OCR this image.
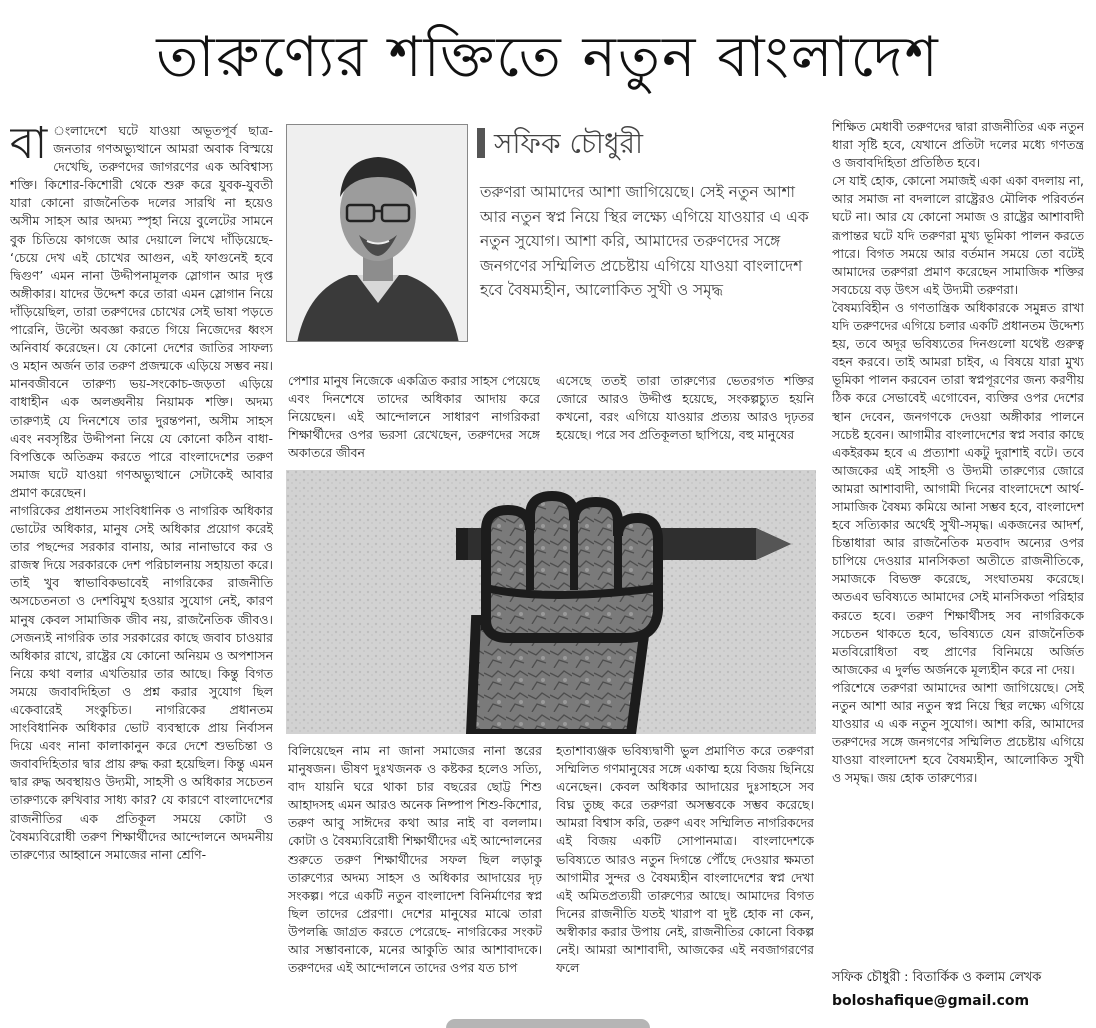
তারুণ্যের শক্তিতে নতুন বাংলাদেশ

বা ংলাদেশে ঘটে যাওয়া অভূতপূর্ব ছাত্র-জনতার গণঅভ্যুত্থানে আমরা অবাক বিস্ময়ে দেখেছি, তরুণদের জাগরণের এক অবিশ্বাস্য শক্তি। কিশোর-কিশোরী থেকে শুরু করে যুবক-যুবতী যারা কোনো রাজনৈতিক দলের সারথি না হয়েও অসীম সাহস আর অদম্য স্পৃহা নিয়ে বুলেটের সামনে বুক চিতিয়ে কাগজে আর দেয়ালে লিখে দাঁড়িয়েছে- ‘চেয়ে দেখ এই চোখের আগুন, এই ফাগুনেই হবে দ্বিগুণ’ এমন নানা উদ্দীপনামূলক স্লোগান আর দৃপ্ত অঙ্গীকার। যাদের উদ্দেশ করে তারা এমন স্লোগান নিয়ে দাঁড়িয়েছিল, তারা তরুণদের চোখের সেই ভাষা পড়তে পারেনি, উল্টো অবজ্ঞা করতে গিয়ে নিজেদের ধ্বংস অনিবার্য করেছেন। যে কোনো দেশের জাতির সাফল্য ও মহান অর্জন তার তরুণ প্রজন্মকে এড়িয়ে সম্ভব নয়। মানবজীবনে তারুণ্য ভয়-সংকোচ-জড়তা এড়িয়ে বাধাহীন এক অলঙ্ঘনীয় নিয়ামক শক্তি। অদম্য তারুণ্যই যে দিনশেষে তার দুরন্তপনা, অসীম সাহস এবং নবসৃষ্টির উদ্দীপনা নিয়ে যে কোনো কঠিন বাধা-বিপত্তিকে অতিক্রম করতে পারে বাংলাদেশের তরুণ সমাজ ঘটে যাওয়া গণঅভ্যুত্থানে সেটাকেই আবার প্রমাণ করেছেন।

নাগরিকের প্রধানতম সাংবিধানিক ও নাগরিক অধিকার ভোটের অধিকার, মানুষ সেই অধিকার প্রয়োগ করেই তার পছন্দের সরকার বানায়, আর নানাভাবে কর ও রাজস্ব দিয়ে সরকারকে দেশ পরিচালনায় সহায়তা করে। তাই খুব স্বাভাবিকভাবেই নাগরিকের রাজনীতি অসচেতনতা ও দেশবিমুখ হওয়ার সুযোগ নেই, কারণ মানুষ কেবল সামাজিক জীব নয়, রাজনৈতিক জীবও। সেজন্যই নাগরিক তার সরকারের কাছে জবাব চাওয়ার অধিকার রাখে, রাষ্ট্রের যে কোনো অনিয়ম ও অপশাসন নিয়ে কথা বলার এখতিয়ার তার আছে। কিন্তু বিগত সময়ে জবাবদিহিতা ও প্রশ্ন করার সুযোগ ছিল একেবারেই সংকুচিত। নাগরিকের প্রধানতম সাংবিধানিক অধিকার ভোট ব্যবস্থাকে প্রায় নির্বাসন দিয়ে এবং নানা কালাকানুন করে দেশে শুভচিন্তা ও জবাবদিহিতার দ্বার প্রায় রুদ্ধ করা হয়েছিল। কিন্তু এমন দ্বার রুদ্ধ অবস্থায়ও উদ্যমী, সাহসী ও অধিকার সচেতন তারুণ্যকে রুখিবার সাধ্য কার? যে কারণে বাংলাদেশের রাজনীতির এক প্রতিকূল সময়ে কোটা ও বৈষম্যবিরোধী তরুণ শিক্ষার্থীদের আন্দোলনে অদমনীয় তারুণ্যের আহ্বানে সমাজের নানা শ্রেণি-

সফিক চৌধুরী
তরুণরা আমাদের আশা জাগিয়েছে। সেই নতুন আশা আর নতুন স্বপ্ন নিয়ে স্থির লক্ষ্যে এগিয়ে যাওয়ার এ এক নতুন সুযোগ। আশা করি, আমাদের তরুণদের সঙ্গে জনগণের সম্মিলিত প্রচেষ্টায় এগিয়ে যাওয়া বাংলাদেশ হবে বৈষম্যহীন, আলোকিত সুখী ও সমৃদ্ধ
পেশার মানুষ নিজেকে একত্রিত করার সাহস পেয়েছে এবং দিনশেষে তাদের অধিকার আদায় করে নিয়েছেন। এই আন্দোলনে সাধারণ নাগরিকরা শিক্ষার্থীদের ওপর ভরসা রেখেছেন, তরুণদের সঙ্গে অকাতরে জীবন
এসেছে ততই তারা তারুণ্যের ভেতরগত শক্তির জোরে আরও উদ্দীপ্ত হয়েছে, সংকল্পচ্যুত হয়নি কখনো, বরং এগিয়ে যাওয়ার প্রত্যয় আরও দৃঢ়তর হয়েছে। পরে সব প্রতিকূলতা ছাপিয়ে, বহু মানুষের
বিলিয়েছেন নাম না জানা সমাজের নানা স্তরের মানুষজন। ভীষণ দুঃখজনক ও কষ্টকর হলেও সত্যি, বাদ যায়নি ঘরে থাকা চার বছরের ছোট্ট শিশু আহাদসহ এমন আরও অনেক নিষ্পাপ শিশু-কিশোর, তরুণ আবু সাঈদের কথা আর নাই বা বললাম। কোটা ও বৈষম্যবিরোধী শিক্ষার্থীদের এই আন্দোলনের শুরুতে তরুণ শিক্ষার্থীদের সফল ছিল লড়াকু তারুণ্যের অদম্য সাহস ও অধিকার আদায়ের দৃঢ় সংকল্প। পরে একটি নতুন বাংলাদেশ বিনির্মাণের স্বপ্ন ছিল তাদের প্রেরণা। দেশের মানুষের মাঝে তারা উপলব্ধি জাগ্রত করতে পেরেছে- নাগরিকের সংকট আর সম্ভাবনাকে, মনের আকুতি আর আশাবাদকে। তরুণদের এই আন্দোলনে তাদের ওপর যত চাপ
হতাশাব্যঞ্জক ভবিষ্যদ্বাণী ভুল প্রমাণিত করে তরুণরা সম্মিলিত গণমানুষের সঙ্গে একাত্ম হয়ে বিজয় ছিনিয়ে এনেছেন। কেবল অধিকার আদায়ের দুঃসাহসে সব বিঘ্ন তুচ্ছ করে তরুণরা অসম্ভবকে সম্ভব করেছে। আমরা বিশ্বাস করি, তরুণ এবং সম্মিলিত নাগরিকদের এই বিজয় একটি সোপানমাত্র। বাংলাদেশকে ভবিষ্যতে আরও নতুন দিগন্তে পৌঁছে দেওয়ার ক্ষমতা আগামীর সুন্দর ও বৈষম্যহীন বাংলাদেশের স্বপ্ন দেখা এই অমিতপ্রত্যয়ী তারুণ্যের আছে। আমাদের বিগত দিনের রাজনীতি যতই খারাপ বা দুষ্ট হোক না কেন, অস্বীকার করার উপায় নেই, রাজনীতির কোনো বিকল্প নেই। আমরা আশাবাদী, আজকের এই নবজাগরণের ফলে

শিক্ষিত মেধাবী তরুণদের দ্বারা রাজনীতির এক নতুন ধারা সৃষ্টি হবে, যেখানে প্রতিটা দলের মধ্যে গণতন্ত্র ও জবাবদিহিতা প্রতিষ্ঠিত হবে।

সে যাই হোক, কোনো সমাজই একা একা বদলায় না, আর সমাজ না বদলালে রাষ্ট্রেরও মৌলিক পরিবর্তন ঘটে না। আর যে কোনো সমাজ ও রাষ্ট্রের আশাবাদী রূপান্তর ঘটে যদি তরুণরা মুখ্য ভূমিকা পালন করতে পারে। বিগত সময়ে আর বর্তমান সময়ে তো বটেই আমাদের তরুণরা প্রমাণ করেছেন সামাজিক শক্তির সবচেয়ে বড় উৎস এই উদ্যমী তরুণরা।

বৈষম্যবিহীন ও গণতান্ত্রিক অধিকারকে সমুন্নত রাখা যদি তরুণদের এগিয়ে চলার একটি প্রধানতম উদ্দেশ্য হয়, তবে অদূর ভবিষ্যতের দিনগুলো যথেষ্ট গুরুত্ব বহন করবে। তাই আমরা চাইব, এ বিষয়ে যারা মুখ্য ভূমিকা পালন করবেন তারা স্বপ্নপূরণের জন্য করণীয় ঠিক করে সেভাবেই এগোবেন, ব্যক্তির ওপর দেশের স্থান দেবেন, জনগণকে দেওয়া অঙ্গীকার পালনে সচেষ্ট হবেন। আগামীর বাংলাদেশের স্বপ্ন সবার কাছে একইরকম হবে এ প্রত্যাশা একটু দুরাশাই বটে। তবে আজকের এই সাহসী ও উদ্যমী তারুণ্যের জোরে আমরা আশাবাদী, আগামী দিনের বাংলাদেশে আর্থ-সামাজিক বৈষম্য কমিয়ে আনা সম্ভব হবে, বাংলাদেশ হবে সত্যিকার অর্থেই সুখী-সমৃদ্ধ। একজনের আদর্শ, চিন্তাধারা আর রাজনৈতিক মতবাদ অন্যের ওপর চাপিয়ে দেওয়ার মানসিকতা অতীতে রাজনীতিকে, সমাজকে বিভক্ত করেছে, সংঘাতময় করেছে। অতএব ভবিষ্যতে আমাদের সেই মানসিকতা পরিহার করতে হবে। তরুণ শিক্ষার্থীসহ সব নাগরিককে সচেতন থাকতে হবে, ভবিষ্যতে যেন রাজনৈতিক মতবিরোধিতা বহু প্রাণের বিনিময়ে অর্জিত আজকের এ দুর্লভ অর্জনকে মূল্যহীন করে না দেয়।

পরিশেষে তরুণরা আমাদের আশা জাগিয়েছে। সেই নতুন আশা আর নতুন স্বপ্ন নিয়ে স্থির লক্ষ্যে এগিয়ে যাওয়ার এ এক নতুন সুযোগ। আশা করি, আমাদের তরুণদের সঙ্গে জনগণের সম্মিলিত প্রচেষ্টায় এগিয়ে যাওয়া বাংলাদেশ হবে বৈষম্যহীন, আলোকিত সুখী ও সমৃদ্ধ। জয় হোক তারুণ্যের।

সফিক চৌধুরী : বিতার্কিক ও কলাম লেখক
boloshafique@gmail.com
